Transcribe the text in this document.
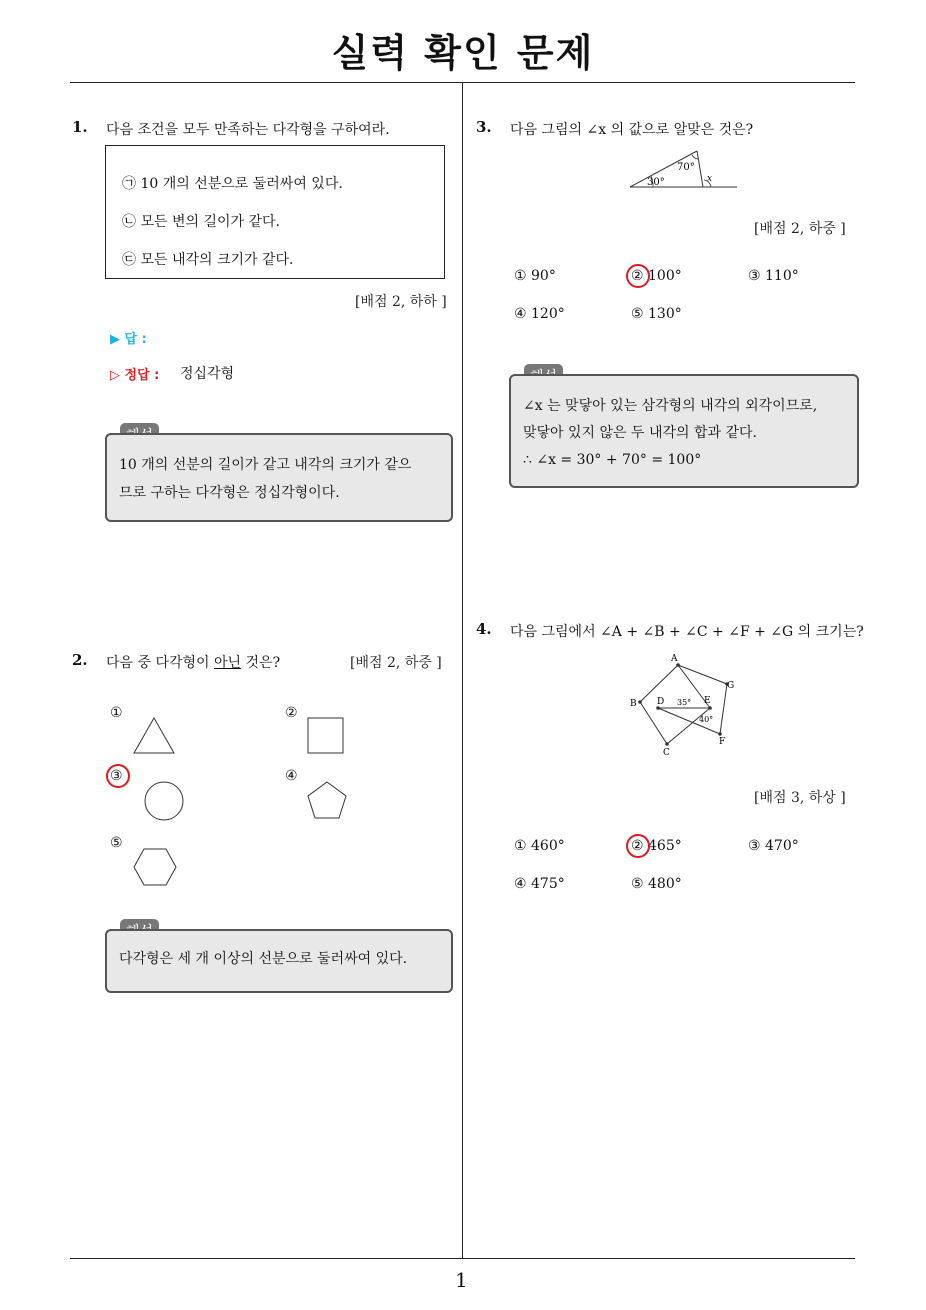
실력 확인 문제
1
1. 다음 조건을 모두 만족하는 다각형을 구하여라.
㉠ 10 개의 선분으로 둘러싸여 있다.
㉡ 모든 변의 길이가 같다.
㉢ 모든 내각의 크기가 같다.
[배점 2, 하하 ]
▶ 답 :
▷ 정답 : 정십각형
10 개의 선분의 길이가 같고 내각의 크기가 같으
므로 구하는 다각형은 정십각형이다.
2. 다음 중 다각형이 아닌 것은?	[배점 2, 하중 ]
①	②
③	④
⑤
다각형은 세 개 이상의 선분으로 둘러싸여 있다.
3. 다음 그림의 ∠x 의 값으로 알맞은 것은?
70°
30°	x
[배점 2, 하중 ]
① 90°	② 100°	③ 110°
④ 120°	⑤ 130°
∠x 는 맞닿아 있는 삼각형의 내각의 외각이므로,
맞닿아 있지 않은 두 내각의 합과 같다.
∴ ∠x = 30° + 70° = 100°
4. 다음 그림에서 ∠A + ∠B + ∠C + ∠F + ∠G 의 크기는?
A
B
C
D	E
F
G
35°
40°
[배점 3, 하상 ]
① 460°	② 465°	③ 470°
④ 475°	⑤ 480°
